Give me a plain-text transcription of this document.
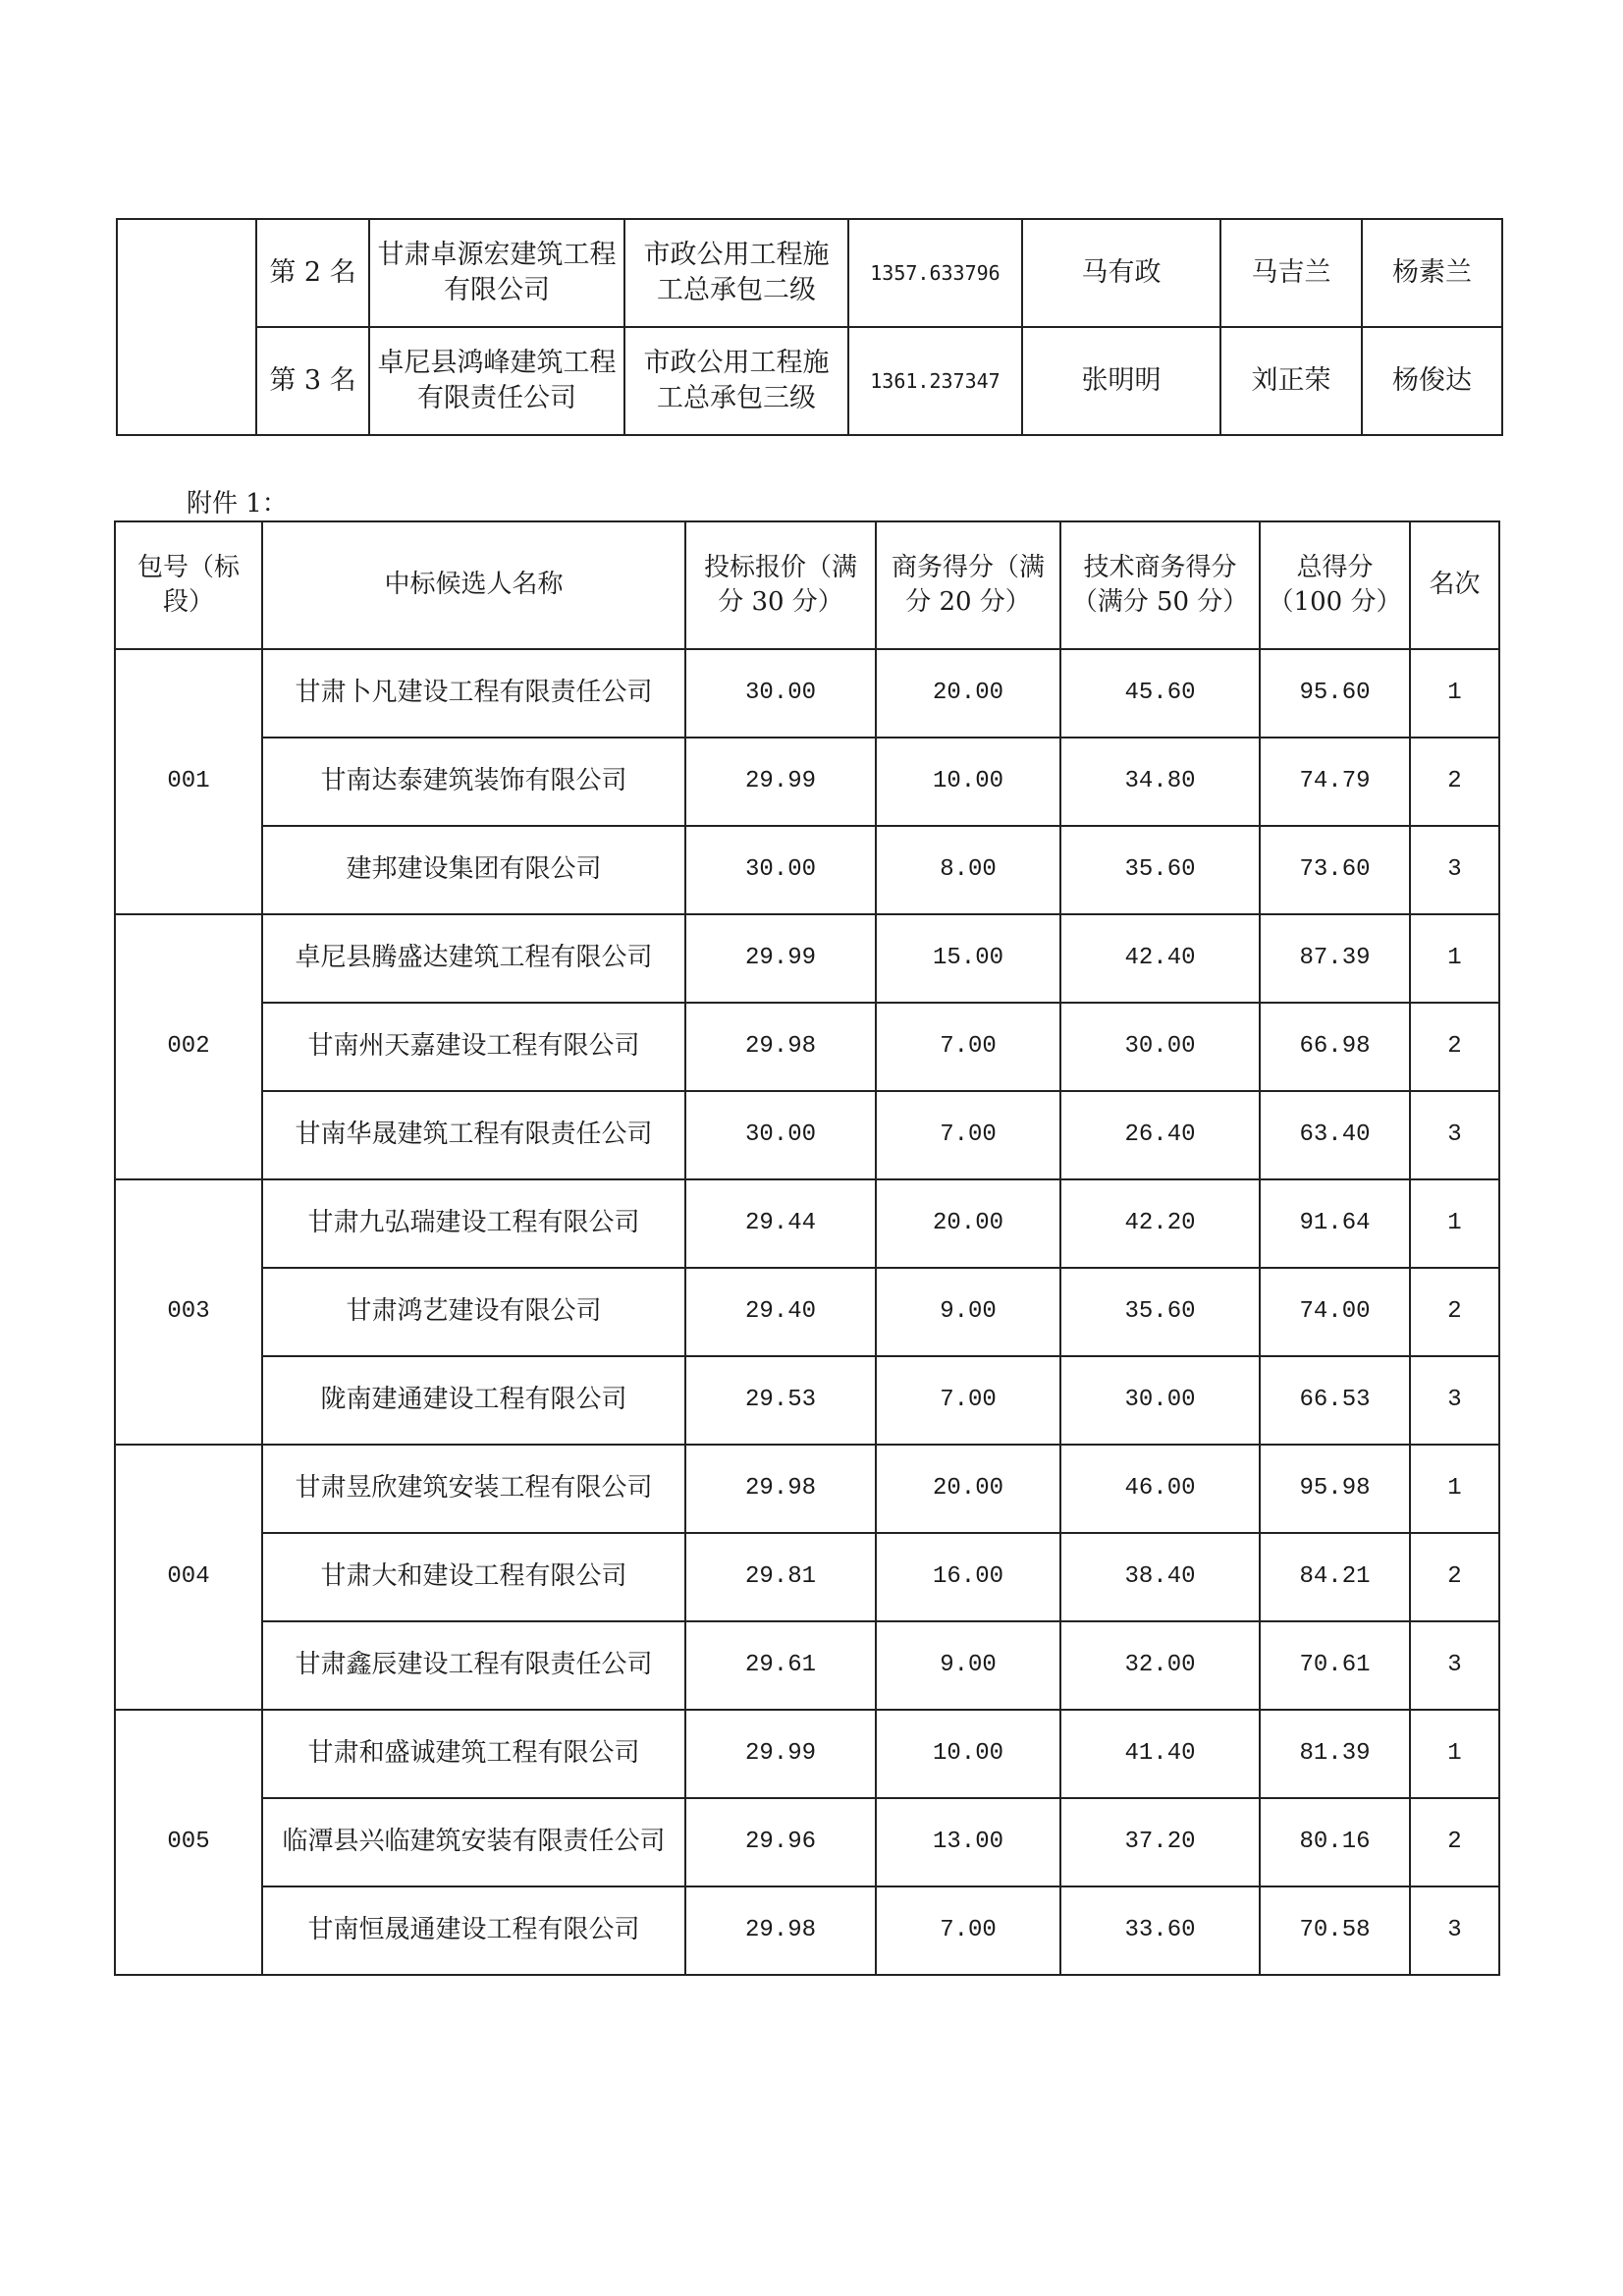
	第 2 名	甘肃卓源宏建筑工程有限公司	市政公用工程施工总承包二级	1357.633796	马有政	马吉兰	杨素兰
	第 3 名	卓尼县鸿峰建筑工程有限责任公司	市政公用工程施工总承包三级	1361.237347	张明明	刘正荣	杨俊达
附件 1：
包号（标段）	中标候选人名称	投标报价（满分 30 分）	商务得分（满分 20 分）	技术商务得分（满分 50 分）	总得分（100 分）	名次
001	甘肃卜凡建设工程有限责任公司	30.00	20.00	45.60	95.60	1
	甘南达泰建筑装饰有限公司	29.99	10.00	34.80	74.79	2
	建邦建设集团有限公司	30.00	8.00	35.60	73.60	3
002	卓尼县腾盛达建筑工程有限公司	29.99	15.00	42.40	87.39	1
	甘南州天嘉建设工程有限公司	29.98	7.00	30.00	66.98	2
	甘南华晟建筑工程有限责任公司	30.00	7.00	26.40	63.40	3
003	甘肃九弘瑞建设工程有限公司	29.44	20.00	42.20	91.64	1
	甘肃鸿艺建设有限公司	29.40	9.00	35.60	74.00	2
	陇南建通建设工程有限公司	29.53	7.00	30.00	66.53	3
004	甘肃昱欣建筑安装工程有限公司	29.98	20.00	46.00	95.98	1
	甘肃大和建设工程有限公司	29.81	16.00	38.40	84.21	2
	甘肃鑫辰建设工程有限责任公司	29.61	9.00	32.00	70.61	3
005	甘肃和盛诚建筑工程有限公司	29.99	10.00	41.40	81.39	1
	临潭县兴临建筑安装有限责任公司	29.96	13.00	37.20	80.16	2
	甘南恒晟通建设工程有限公司	29.98	7.00	33.60	70.58	3
